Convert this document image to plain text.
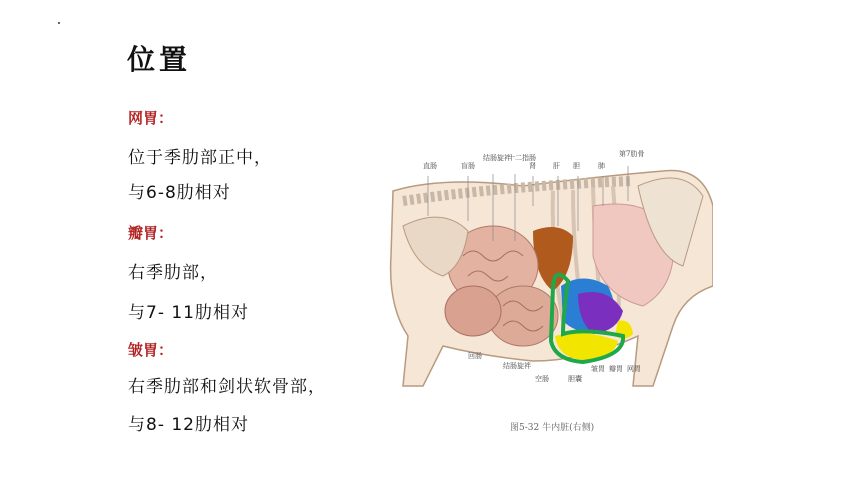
位置
网胃：
位于季肋部正中，
与6-8肋相对
瓣胃：
右季肋部，
与7- 11肋相对
皱胃：
右季肋部和剑状软骨部，
与8- 12肋相对
直肠	盲肠
结肠旋袢
十二指肠
肾 肝 胆	肺
第7肋骨
回肠
结肠旋袢
空肠	胆囊
皱胃 瓣胃 网胃
图5-32 牛内脏(右侧)
